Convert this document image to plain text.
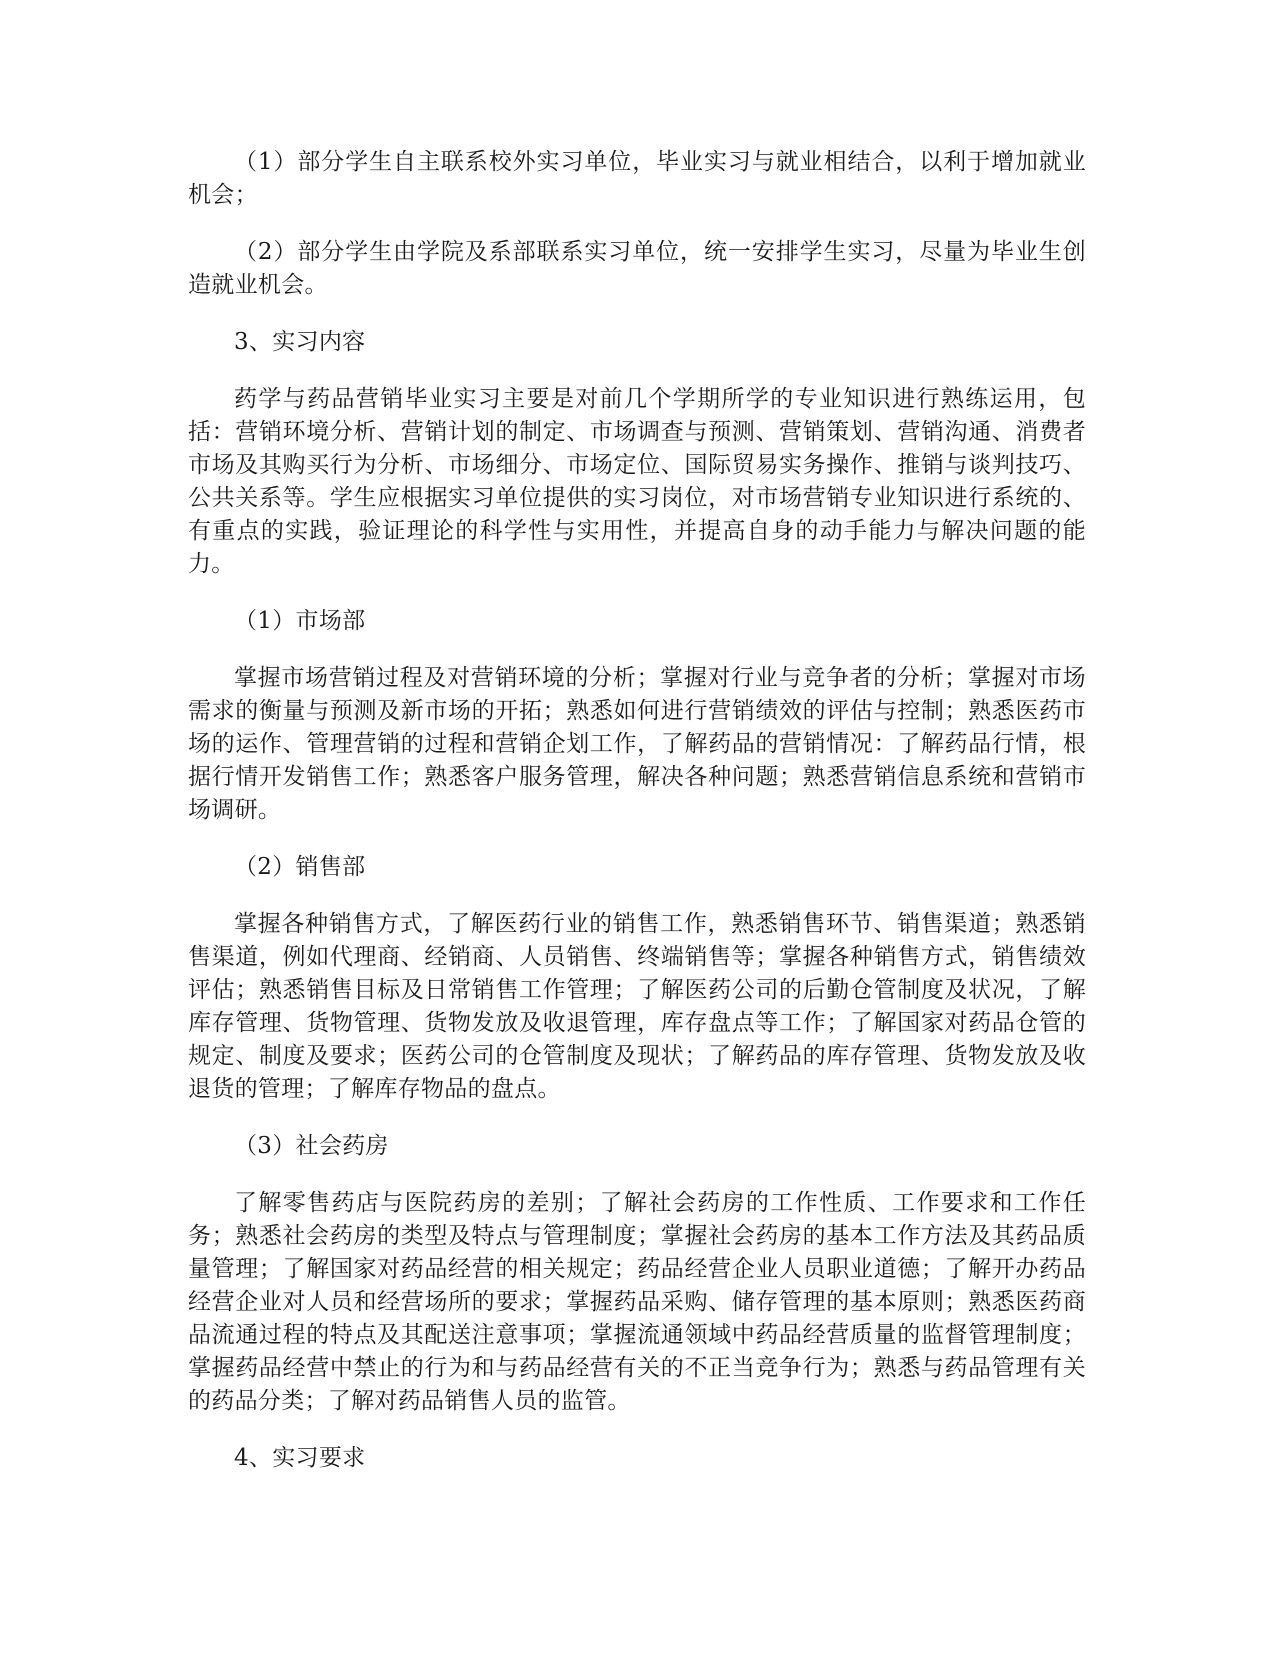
（1）部分学生自主联系校外实习单位，毕业实习与就业相结合，以利于增加就业机会；

（2）部分学生由学院及系部联系实习单位，统一安排学生实习，尽量为毕业生创造就业机会。

3、实习内容

药学与药品营销毕业实习主要是对前几个学期所学的专业知识进行熟练运用，包括：营销环境分析、营销计划的制定、市场调查与预测、营销策划、营销沟通、消费者市场及其购买行为分析、市场细分、市场定位、国际贸易实务操作、推销与谈判技巧、公共关系等。学生应根据实习单位提供的实习岗位，对市场营销专业知识进行系统的、有重点的实践，验证理论的科学性与实用性，并提高自身的动手能力与解决问题的能力。

（1）市场部

掌握市场营销过程及对营销环境的分析；掌握对行业与竞争者的分析；掌握对市场需求的衡量与预测及新市场的开拓；熟悉如何进行营销绩效的评估与控制；熟悉医药市场的运作、管理营销的过程和营销企划工作，了解药品的营销情况：了解药品行情，根据行情开发销售工作；熟悉客户服务管理，解决各种问题；熟悉营销信息系统和营销市场调研。

（2）销售部

掌握各种销售方式，了解医药行业的销售工作，熟悉销售环节、销售渠道；熟悉销售渠道，例如代理商、经销商、人员销售、终端销售等；掌握各种销售方式，销售绩效评估；熟悉销售目标及日常销售工作管理；了解医药公司的后勤仓管制度及状况，了解库存管理、货物管理、货物发放及收退管理，库存盘点等工作；了解国家对药品仓管的规定、制度及要求；医药公司的仓管制度及现状；了解药品的库存管理、货物发放及收退货的管理；了解库存物品的盘点。

（3）社会药房

了解零售药店与医院药房的差别；了解社会药房的工作性质、工作要求和工作任务；熟悉社会药房的类型及特点与管理制度；掌握社会药房的基本工作方法及其药品质量管理；了解国家对药品经营的相关规定；药品经营企业人员职业道德；了解开办药品经营企业对人员和经营场所的要求；掌握药品采购、储存管理的基本原则；熟悉医药商品流通过程的特点及其配送注意事项；掌握流通领域中药品经营质量的监督管理制度；掌握药品经营中禁止的行为和与药品经营有关的不正当竞争行为；熟悉与药品管理有关的药品分类；了解对药品销售人员的监管。

4、实习要求
